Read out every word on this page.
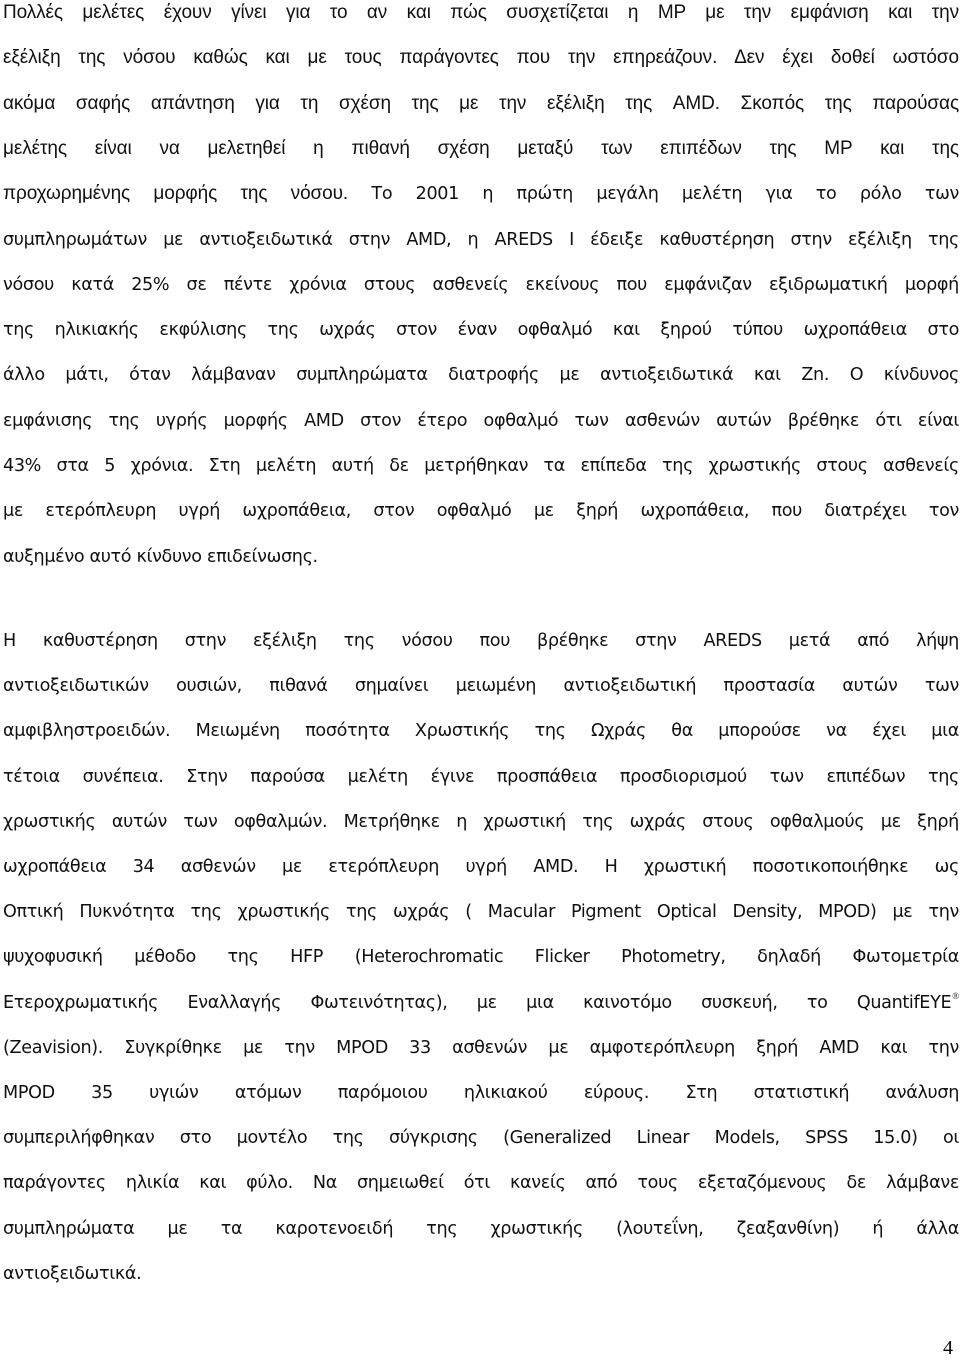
Πολλές μελέτες έχουν γίνει για το αν και πώς συσχετίζεται η ΜΡ με την εμφάνιση και την
εξέλιξη της νόσου καθώς και με τους παράγοντες που την επηρεάζουν. Δεν έχει δοθεί ωστόσο
ακόμα σαφής απάντηση για τη σχέση της με την εξέλιξη της AMD. Σκοπός της παρούσας
μελέτης είναι να μελετηθεί η πιθανή σχέση μεταξύ των επιπέδων της ΜΡ και της
προχωρημένης μορφής της νόσου. Το 2001 η πρώτη μεγάλη μελέτη για το ρόλο των
συμπληρωμάτων με αντιοξειδωτικά στην AMD, η AREDS I έδειξε καθυστέρηση στην εξέλιξη της
νόσου κατά 25% σε πέντε χρόνια στους ασθενείς εκείνους που εμφάνιζαν εξιδρωματική μορφή
της ηλικιακής εκφύλισης της ωχράς στον έναν οφθαλμό και ξηρού τύπου ωχροπάθεια στο
άλλο μάτι, όταν λάμβαναν συμπληρώματα διατροφής με αντιοξειδωτικά και Zn. Ο κίνδυνος
εμφάνισης της υγρής μορφής AMD στον έτερο οφθαλμό των ασθενών αυτών βρέθηκε ότι είναι
43% στα 5 χρόνια. Στη μελέτη αυτή δε μετρήθηκαν τα επίπεδα της χρωστικής στους ασθενείς
με ετερόπλευρη υγρή ωχροπάθεια, στον οφθαλμό με ξηρή ωχροπάθεια, που διατρέχει τον
αυξημένο αυτό κίνδυνο επιδείνωσης.
Η καθυστέρηση στην εξέλιξη της νόσου που βρέθηκε στην AREDS μετά από λήψη
αντιοξειδωτικών ουσιών, πιθανά σημαίνει μειωμένη αντιοξειδωτική προστασία αυτών των
αμφιβληστροειδών. Μειωμένη ποσότητα Χρωστικής της Ωχράς θα μπορούσε να έχει μια
τέτοια συνέπεια. Στην παρούσα μελέτη έγινε προσπάθεια προσδιορισμού των επιπέδων της
χρωστικής αυτών των οφθαλμών. Μετρήθηκε η χρωστική της ωχράς στους οφθαλμούς με ξηρή
ωχροπάθεια 34 ασθενών με ετερόπλευρη υγρή AMD. Η χρωστική ποσοτικοποιήθηκε ως
Οπτική Πυκνότητα της χρωστικής της ωχράς ( Macular Pigment Optical Density, MPOD) με την
ψυχοφυσική μέθοδο της HFP (Heterochromatic Flicker Photometry, δηλαδή Φωτομετρία
Ετεροχρωματικής Εναλλαγής Φωτεινότητας), με μια καινοτόμο συσκευή, το QuantifEYE®
(Zeavision). Συγκρίθηκε με την MPOD 33 ασθενών με αμφοτερόπλευρη ξηρή AMD και την
MPOD 35 υγιών ατόμων παρόμοιου ηλικιακού εύρους. Στη στατιστική ανάλυση
συμπεριλήφθηκαν στο μοντέλο της σύγκρισης (Generalized Linear Models, SPSS 15.0) οι
παράγοντες ηλικία και φύλο. Να σημειωθεί ότι κανείς από τους εξεταζόμενους δε λάμβανε
συμπληρώματα με τα καροτενοειδή της χρωστικής (λουτεΐνη, ζεαξανθίνη) ή άλλα
αντιοξειδωτικά.
4
